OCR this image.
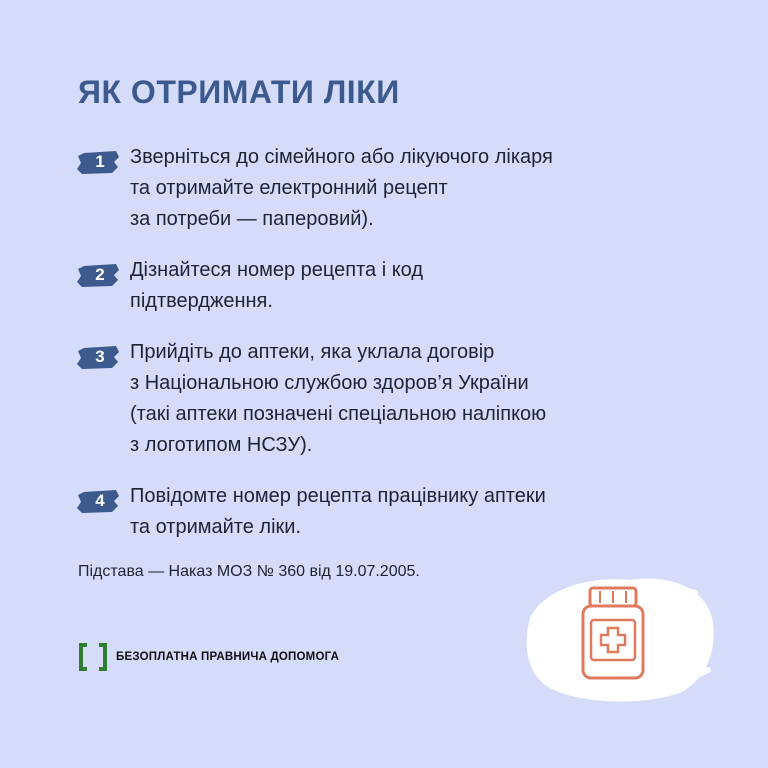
ЯК ОТРИМАТИ ЛІКИ
1	Зверніться до сімейного або лікуючого лікаря
та отримайте електронний рецепт
за потреби — паперовий).
2	Дізнайтеся номер рецепта і код
підтвердження.
3	Прийдіть до аптеки, яка уклала договір
з Національною службою здоров’я України
(такі аптеки позначені спеціальною наліпкою
з логотипом НСЗУ).
4	Повідомте номер рецепта працівнику аптеки
та отримайте ліки.
Підстава — Наказ МОЗ № 360 від 19.07.2005.
БЕЗОПЛАТНА ПРАВНИЧА ДОПОМОГА
